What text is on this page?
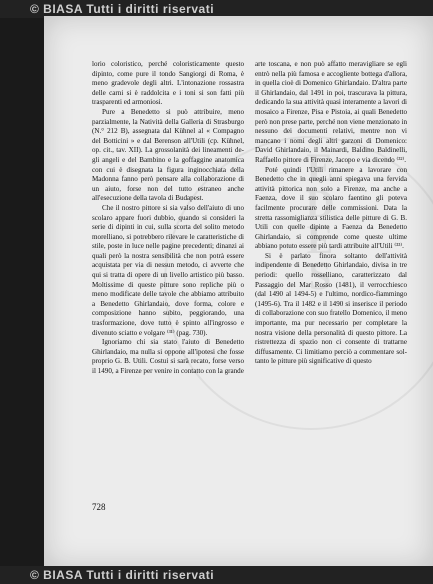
© BIASA Tutti i diritti riservati
E
D
E
S

lorio coloristico, perché coloristicamente questo dipinto, come pure il tondo Sangiorgi di Roma, è meno gradevole degli altri. L'intonazione rossastra delle carni si è raddolcita e i toni si son fatti più trasparenti ed armoniosi.

Pure a Benedetto si può attribuire, meno parzialmente, la Natività della Galleria di Strasburgo (N.° 212 B), assegnata dal Kühnel al « Compagno del Botticini » e dal Berenson all'Utili (cp. Kühnel, op. cit., tav. XII). La grossolanità dei lineamenti degli angeli e del Bambino e la goffaggine anatomica con cui è disegnata la figura inginocchiata della Madonna fanno però pensare alla collaborazione di un aiuto, forse non del tutto estraneo anche all'esecuzione della tavola di Budapest.

Che il nostro pittore si sia valso dell'aiuto di uno scolaro appare fuori dubbio, quando si consideri la serie di dipinti in cui, sulla scorta del solito metodo morelliano, si potrebbero rilevare le caratteristiche di stile, poste in luce nelle pagine precedenti; dinanzi ai quali però la nostra sensibilità che non potrà essere acquistata per via di nessun metodo, ci avverte che qui si tratta di opere di un livello artistico più basso. Moltissime di queste pitture sono repliche più o meno modificate delle tavole che abbiamo attribuito a Benedetto Ghirlandaio, dove forma, colore e composizione hanno subito, peggiorando, una trasformazione, dove tutto è spinto all'ingrosso e divenuto sciatto e volgare ⁽³¹⁾ (pag. 730).

Ignoriamo chi sia stato l'aiuto di Benedetto Ghirlandaio, ma nulla si oppone all'ipotesi che fosse proprio G. B. Utili. Costui si sarà recato, forse verso il 1490, a Firenze per venire in contatto con la grande

arte toscana, e non può affatto meravigliare se egli entrò nella più famosa e accogliente bottega d'allora, in quella cioè di Domenico Ghirlandaio. D'altra parte il Ghirlandaio, dal 1491 in poi, trascurava la pittura, dedicando la sua attività quasi interamente a lavori di mosaico a Firenze, Pisa e Pistoia, ai quali Benedetto però non prese parte, perché non viene menzionato in nessuno dei documenti relativi, mentre non vi mancano i nomi degli altri garzoni di Domenico: David Ghirlandaio, il Mainardi, Baldino Baldinelli, Raffaello pittore di Firenze, Jacopo e via dicendo ⁽³²⁾.

Poté quindi l'Utili rimanere a lavorare con Benedetto che in quegli anni spiegava una fervida attività pittorica non solo a Firenze, ma anche a Faenza, dove il suo scolaro faentino gli poteva facilmente procurare delle commissioni. Data la stretta rassomiglianza stilistica delle pitture di G. B. Utili con quelle dipinte a Faenza da Benedetto Ghirlandaio, si comprende come queste ultime abbiano potuto essere più tardi attribuite all'Utili ⁽³³⁾.

Si è parlato finora soltanto dell'attività indipendente di Benedetto Ghirlandaio, divisa in tre periodi: quello rosselliano, caratterizzato dal Passaggio del Mar Rosso (1481), il verrocchiesco (dal 1490 al 1494-5) e l'ultimo, nordico-fiammingo (1495-6). Tra il 1482 e il 1490 si inserisce il periodo di collaborazione con suo fratello Domenico, il meno importante, ma pur necessario per completare la nostra visione della personalità di questo pittore. La ristrettezza di spazio non ci consente di trattarne diffusamente. Ci limitiamo perciò a commentare soltanto le pitture più significative di questo

728
© BIASA Tutti i diritti riservati
